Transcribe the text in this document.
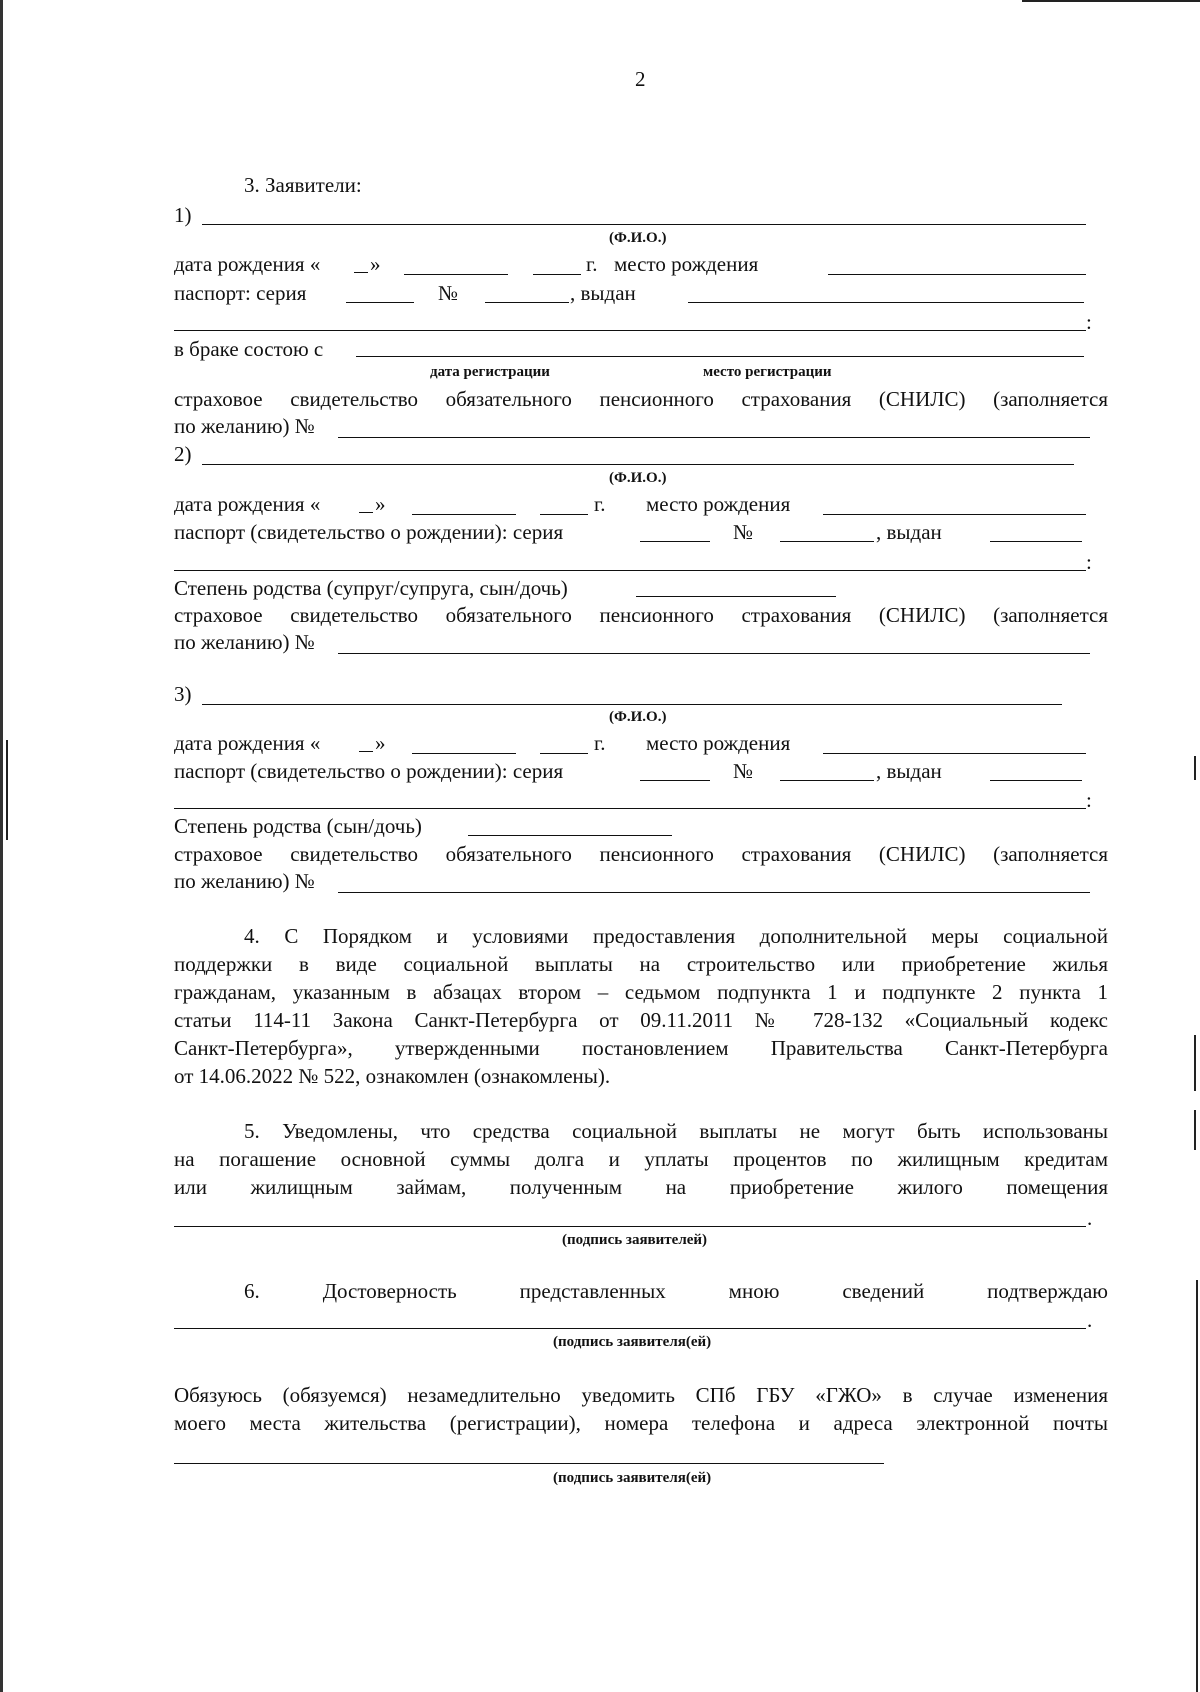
2
3. Заявители:
1)
(Ф.И.О.)
дата рождения « »	г. место рождения
паспорт: серия	№	, выдан
:
в браке состою с
дата регистрации	место регистрации
страховое свидетельство обязательного пенсионного страхования (СНИЛС) (заполняется
по желанию) №
2)
(Ф.И.О.)
дата рождения «	»	г. место рождения
паспорт (свидетельство о рождении): серия	№	, выдан
:
Степень родства (супруг/супруга, сын/дочь)
страховое свидетельство обязательного пенсионного страхования (СНИЛС) (заполняется
по желанию) №
3)
(Ф.И.О.)
дата рождения «	»	г. место рождения
паспорт (свидетельство о рождении): серия	№	, выдан
:
Степень родства (сын/дочь)
страховое свидетельство обязательного пенсионного страхования (СНИЛС) (заполняется
по желанию) №
4. С Порядком и условиями предоставления дополнительной меры социальной
поддержки в виде социальной выплаты на строительство или приобретение жилья
гражданам, указанным в абзацах втором – седьмом подпункта 1 и подпункте 2 пункта 1
статьи 114-11 Закона Санкт-Петербурга от 09.11.2011 № 728-132 «Социальный кодекс
Санкт-Петербурга», утвержденными постановлением Правительства Санкт-Петербурга
от 14.06.2022 № 522, ознакомлен (ознакомлены).
5. Уведомлены, что средства социальной выплаты не могут быть использованы
на погашение основной суммы долга и уплаты процентов по жилищным кредитам
или жилищным займам, полученным на приобретение жилого помещения
.
(подпись заявителей)
6. Достоверность представленных мною сведений подтверждаю
.
(подпись заявителя(ей)
Обязуюсь (обязуемся) незамедлительно уведомить СПб ГБУ «ГЖО» в случае изменения
моего места жительства (регистрации), номера телефона и адреса электронной почты
(подпись заявителя(ей)
